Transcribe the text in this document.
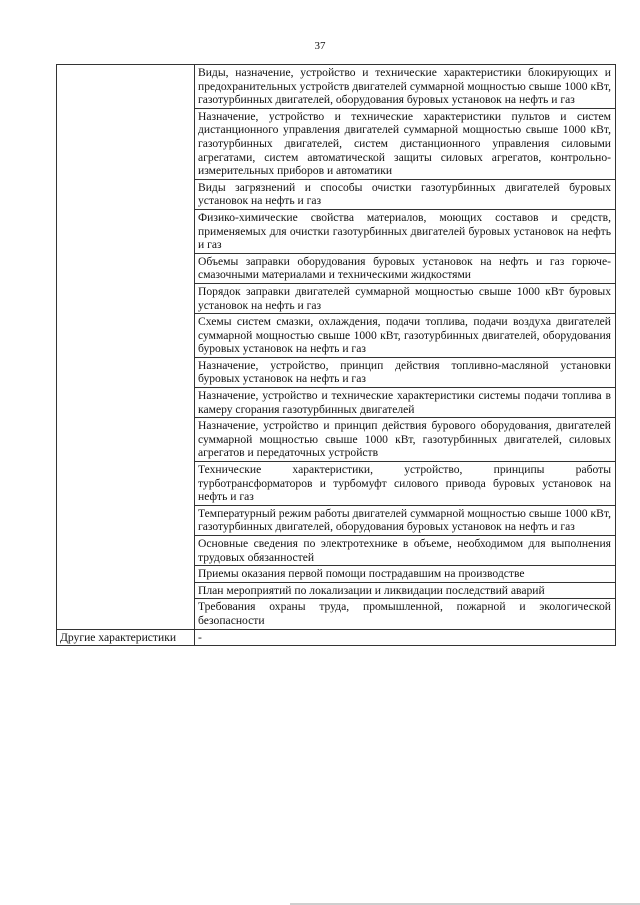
37
	Виды, назначение, устройство и технические характеристики блокирующих и предохранительных устройств двигателей суммарной мощностью свыше 1000 кВт, газотурбинных двигателей, оборудования буровых установок на нефть и газ
	Назначение, устройство и технические характеристики пультов и систем дистанционного управления двигателей суммарной мощностью свыше 1000 кВт, газотурбинных двигателей, систем дистанционного управления силовыми агрегатами, систем автоматической защиты силовых агрегатов, контрольно-измерительных приборов и автоматики
	Виды загрязнений и способы очистки газотурбинных двигателей буровых установок на нефть и газ
	Физико-химические свойства материалов, моющих составов и средств, применяемых для очистки газотурбинных двигателей буровых установок на нефть и газ
	Объемы заправки оборудования буровых установок на нефть и газ горюче-смазочными материалами и техническими жидкостями
	Порядок заправки двигателей суммарной мощностью свыше 1000 кВт буровых установок на нефть и газ
	Схемы систем смазки, охлаждения, подачи топлива, подачи воздуха двигателей суммарной мощностью свыше 1000 кВт, газотурбинных двигателей, оборудования буровых установок на нефть и газ
	Назначение, устройство, принцип действия топливно-масляной установки буровых установок на нефть и газ
	Назначение, устройство и технические характеристики системы подачи топлива в камеру сгорания газотурбинных двигателей
	Назначение, устройство и принцип действия бурового оборудования, двигателей суммарной мощностью свыше 1000 кВт, газотурбинных двигателей, силовых агрегатов и передаточных устройств
	Технические характеристики, устройство, принципы работы турботрансформаторов и турбомуфт силового привода буровых установок на нефть и газ
	Температурный режим работы двигателей суммарной мощностью свыше 1000 кВт, газотурбинных двигателей, оборудования буровых установок на нефть и газ
	Основные сведения по электротехнике в объеме, необходимом для выполнения трудовых обязанностей
	Приемы оказания первой помощи пострадавшим на производстве
	План мероприятий по локализации и ликвидации последствий аварий
	Требования охраны труда, промышленной, пожарной и экологической безопасности
Другие характеристики	-
